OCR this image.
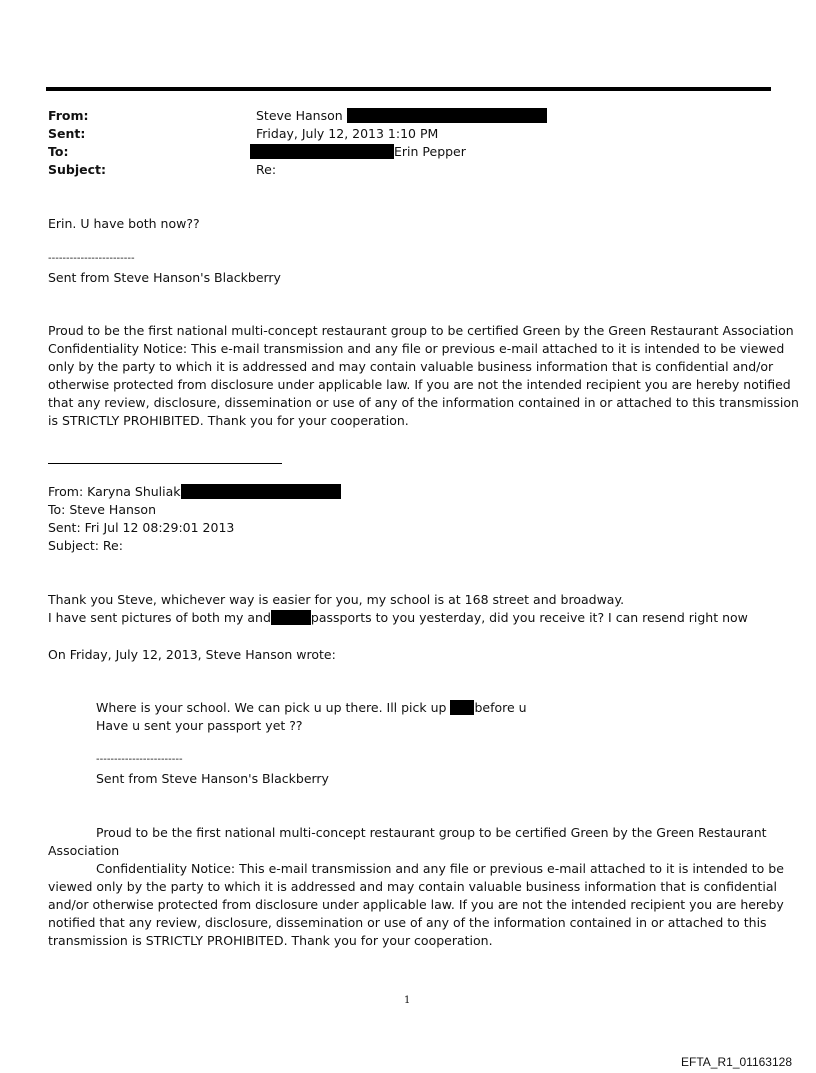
From:	Steve Hanson
Sent:	Friday, July 12, 2013 1:10 PM
To:	Erin Pepper
Subject:	Re:
Erin. U have both now??
------------------------
Sent from Steve Hanson's Blackberry
Proud to be the first national multi-concept restaurant group to be certified Green by the Green Restaurant Association
Confidentiality Notice: This e-mail transmission and any file or previous e-mail attached to it is intended to be viewed
only by the party to which it is addressed and may contain valuable business information that is confidential and/or
otherwise protected from disclosure under applicable law. If you are not the intended recipient you are hereby notified
that any review, disclosure, dissemination or use of any of the information contained in or attached to this transmission
is STRICTLY PROHIBITED. Thank you for your cooperation.
From: Karyna Shuliak
To: Steve Hanson
Sent: Fri Jul 12 08:29:01 2013
Subject: Re:
Thank you Steve, whichever way is easier for you, my school is at 168 street and broadway.
I have sent pictures of both my and	passports to you yesterday, did you receive it? I can resend right now
On Friday, July 12, 2013, Steve Hanson wrote:
Where is your school. We can pick u up there. Ill pick up before u
Have u sent your passport yet ??
------------------------
Sent from Steve Hanson's Blackberry
Proud to be the first national multi-concept restaurant group to be certified Green by the Green Restaurant
Association
Confidentiality Notice: This e-mail transmission and any file or previous e-mail attached to it is intended to be
viewed only by the party to which it is addressed and may contain valuable business information that is confidential
and/or otherwise protected from disclosure under applicable law. If you are not the intended recipient you are hereby
notified that any review, disclosure, dissemination or use of any of the information contained in or attached to this
transmission is STRICTLY PROHIBITED. Thank you for your cooperation.
1
EFTA_R1_01163128
